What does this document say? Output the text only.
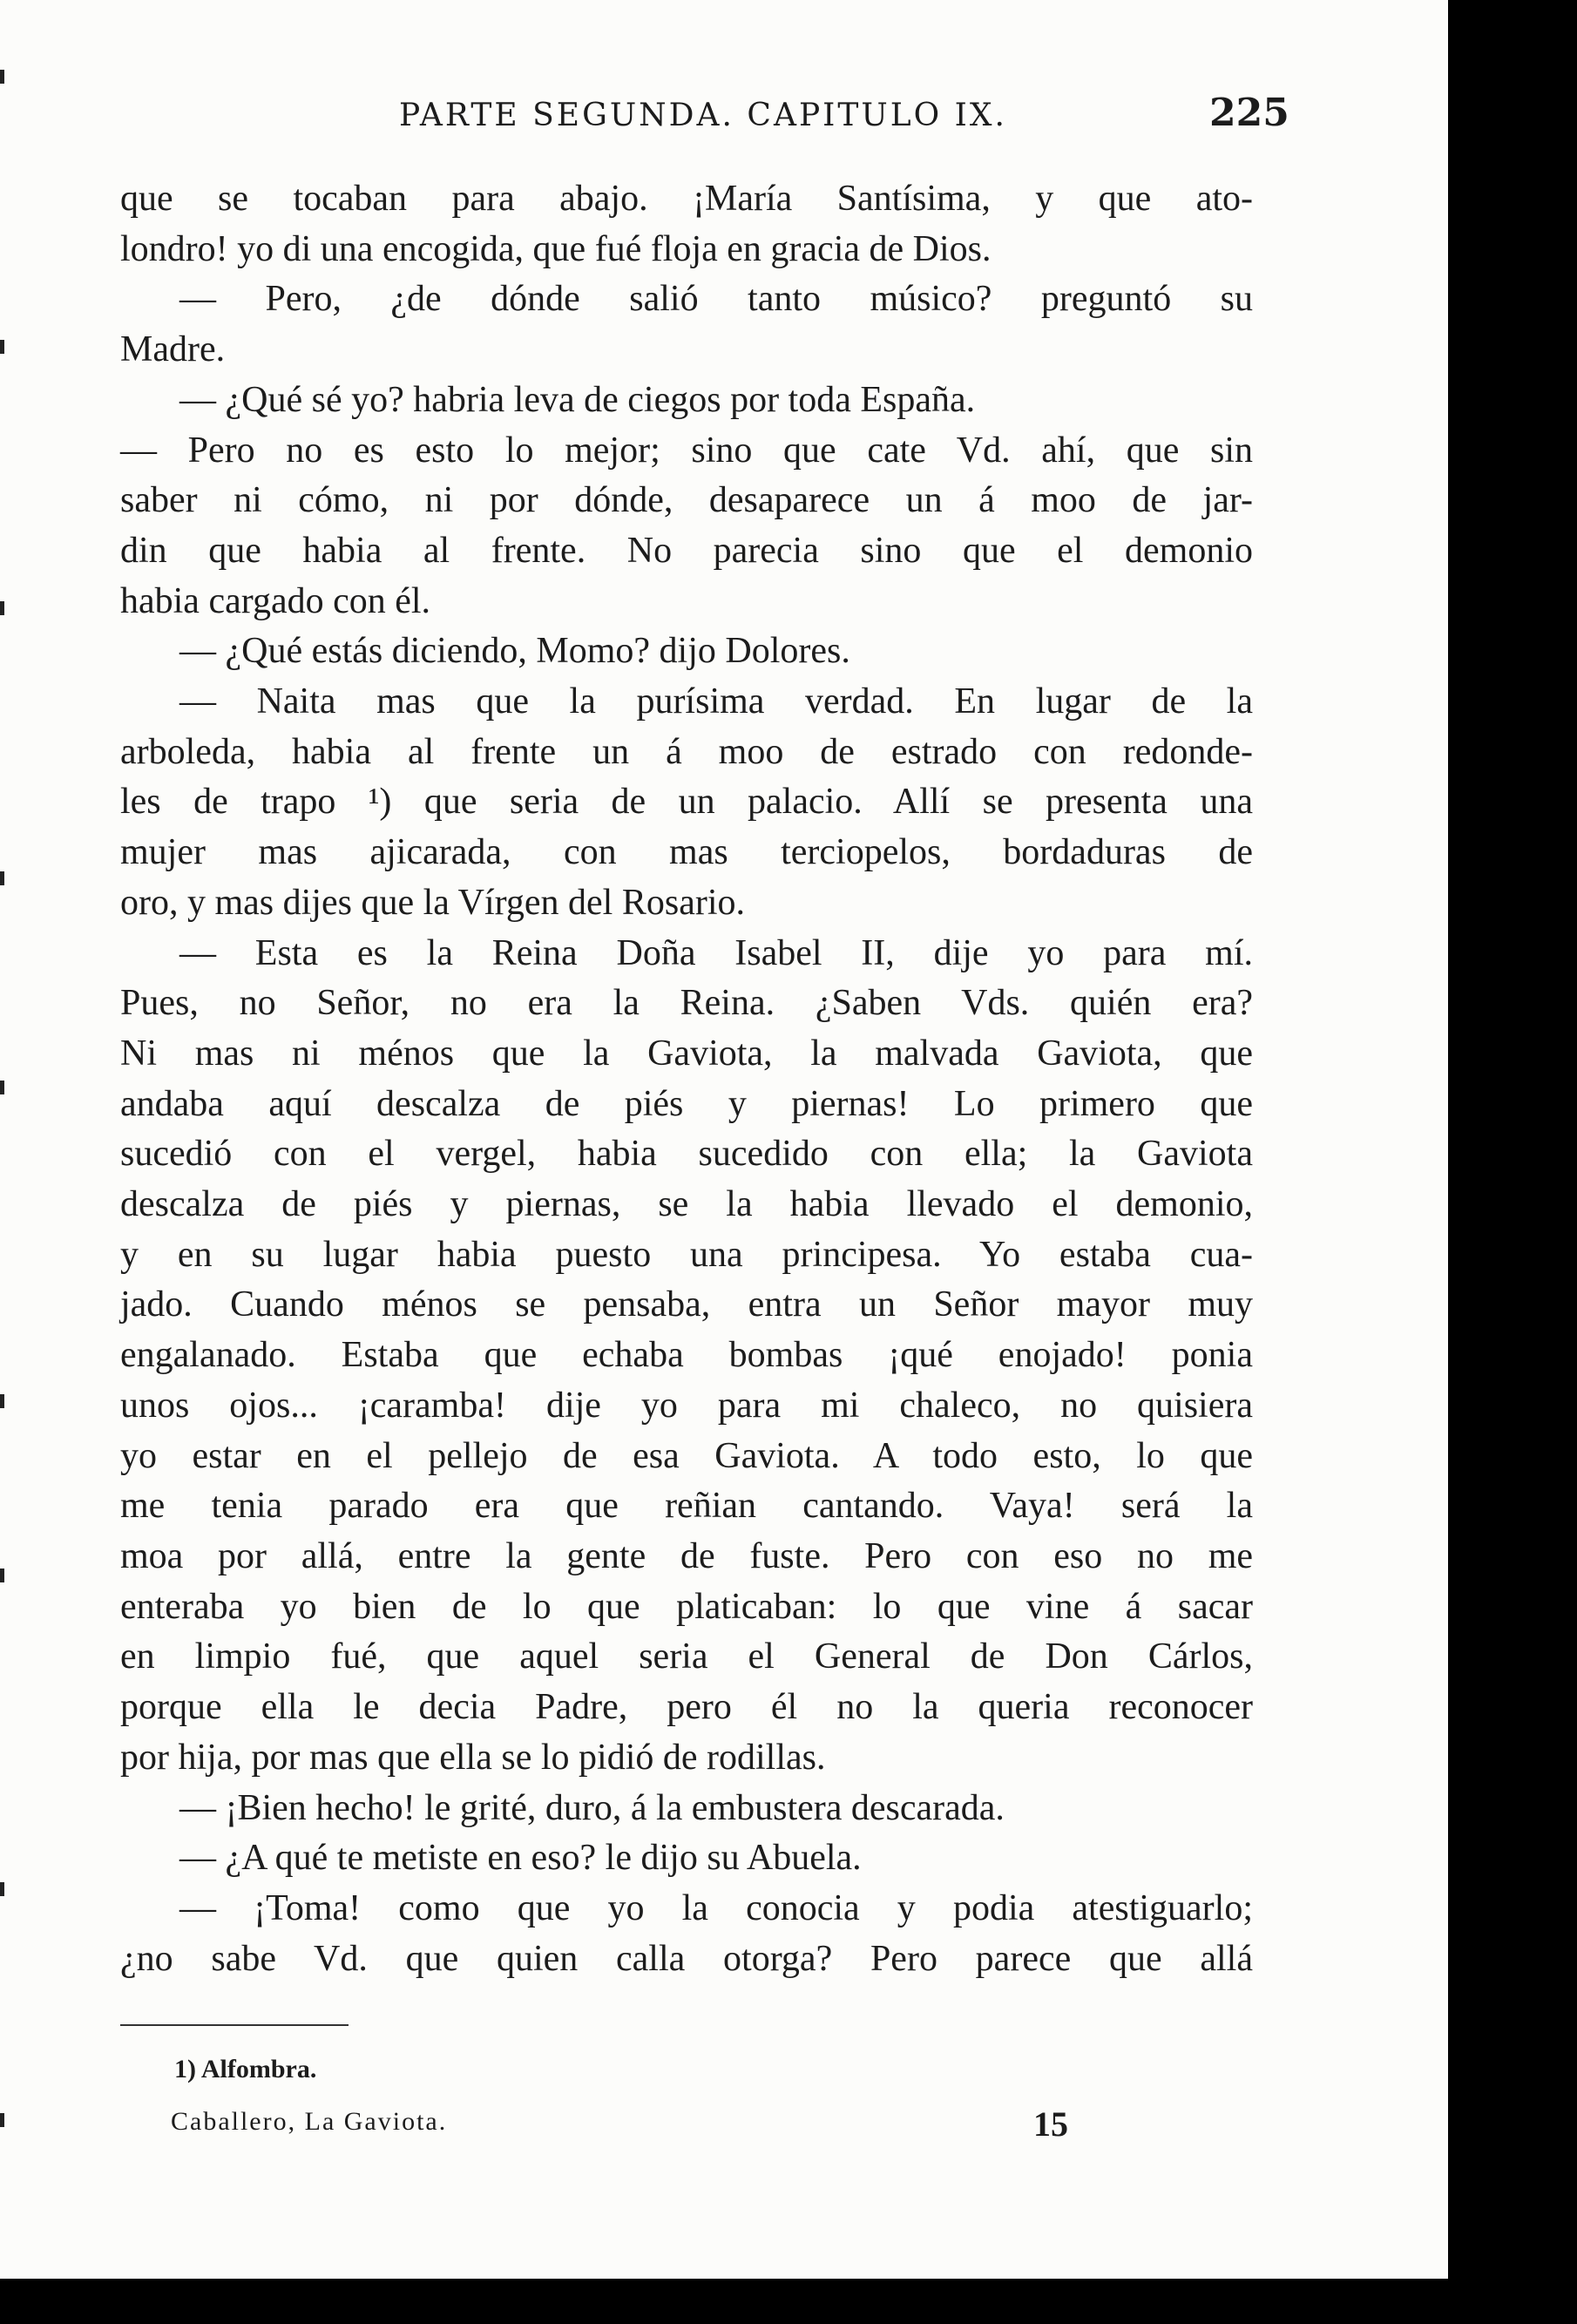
PARTE SEGUNDA. CAPITULO IX.	225
que se tocaban para abajo. ¡María Santísima, y que ato-
londro! yo di una encogida, que fué floja en gracia de Dios.
— Pero, ¿de dónde salió tanto músico? preguntó su
Madre.
— ¿Qué sé yo? habria leva de ciegos por toda España.
— Pero no es esto lo mejor; sino que cate Vd. ahí, que sin
saber ni cómo, ni por dónde, desaparece un á moo de jar-
din que habia al frente. No parecia sino que el demonio
habia cargado con él.
— ¿Qué estás diciendo, Momo? dijo Dolores.
— Naita mas que la purísima verdad. En lugar de la
arboleda, habia al frente un á moo de estrado con redonde-
les de trapo ¹) que seria de un palacio. Allí se presenta una
mujer mas ajicarada, con mas terciopelos, bordaduras de
oro, y mas dijes que la Vírgen del Rosario.
— Esta es la Reina Doña Isabel II, dije yo para mí.
Pues, no Señor, no era la Reina. ¿Saben Vds. quién era?
Ni mas ni ménos que la Gaviota, la malvada Gaviota, que
andaba aquí descalza de piés y piernas! Lo primero que
sucedió con el vergel, habia sucedido con ella; la Gaviota
descalza de piés y piernas, se la habia llevado el demonio,
y en su lugar habia puesto una principesa. Yo estaba cua-
jado. Cuando ménos se pensaba, entra un Señor mayor muy
engalanado. Estaba que echaba bombas ¡qué enojado! ponia
unos ojos... ¡caramba! dije yo para mi chaleco, no quisiera
yo estar en el pellejo de esa Gaviota. A todo esto, lo que
me tenia parado era que reñian cantando. Vaya! será la
moa por allá, entre la gente de fuste. Pero con eso no me
enteraba yo bien de lo que platicaban: lo que vine á sacar
en limpio fué, que aquel seria el General de Don Cárlos,
porque ella le decia Padre, pero él no la queria reconocer
por hija, por mas que ella se lo pidió de rodillas.
— ¡Bien hecho! le grité, duro, á la embustera descarada.
— ¿A qué te metiste en eso? le dijo su Abuela.
— ¡Toma! como que yo la conocia y podia atestiguarlo;
¿no sabe Vd. que quien calla otorga? Pero parece que allá
1) Alfombra.
Caballero, La Gaviota.	15
